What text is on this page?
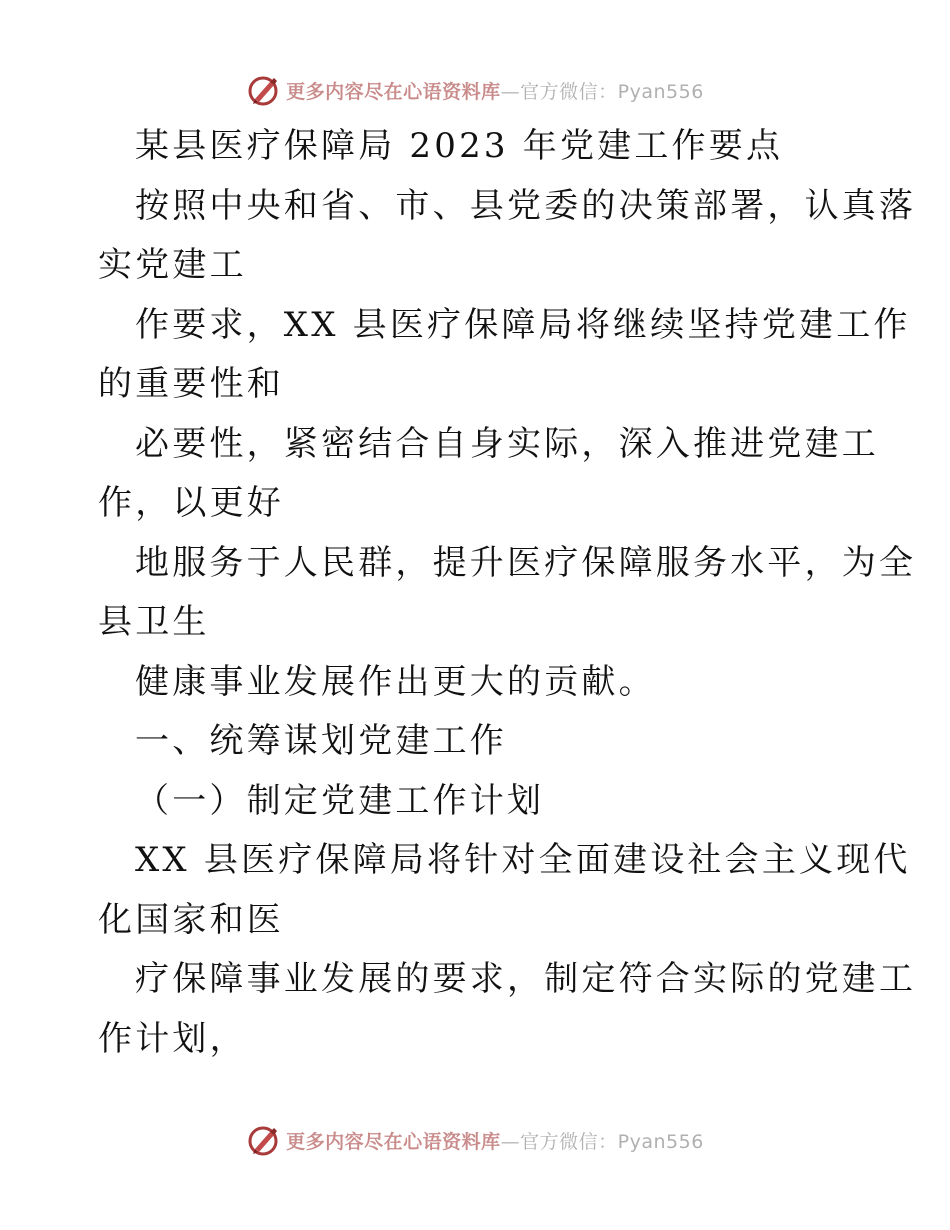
更多内容尽在心语资料库—官方微信：Pyan556
某县医疗保障局 2023 年党建工作要点
按照中央和省、市、县党委的决策部署，认真落
实党建工
作要求，XX 县医疗保障局将继续坚持党建工作
的重要性和
必要性，紧密结合自身实际，深入推进党建工
作，以更好
地服务于人民群，提升医疗保障服务水平，为全
县卫生
健康事业发展作出更大的贡献。
一、统筹谋划党建工作
（一）制定党建工作计划
XX 县医疗保障局将针对全面建设社会主义现代
化国家和医
疗保障事业发展的要求，制定符合实际的党建工
作计划，
更多内容尽在心语资料库—官方微信：Pyan556
